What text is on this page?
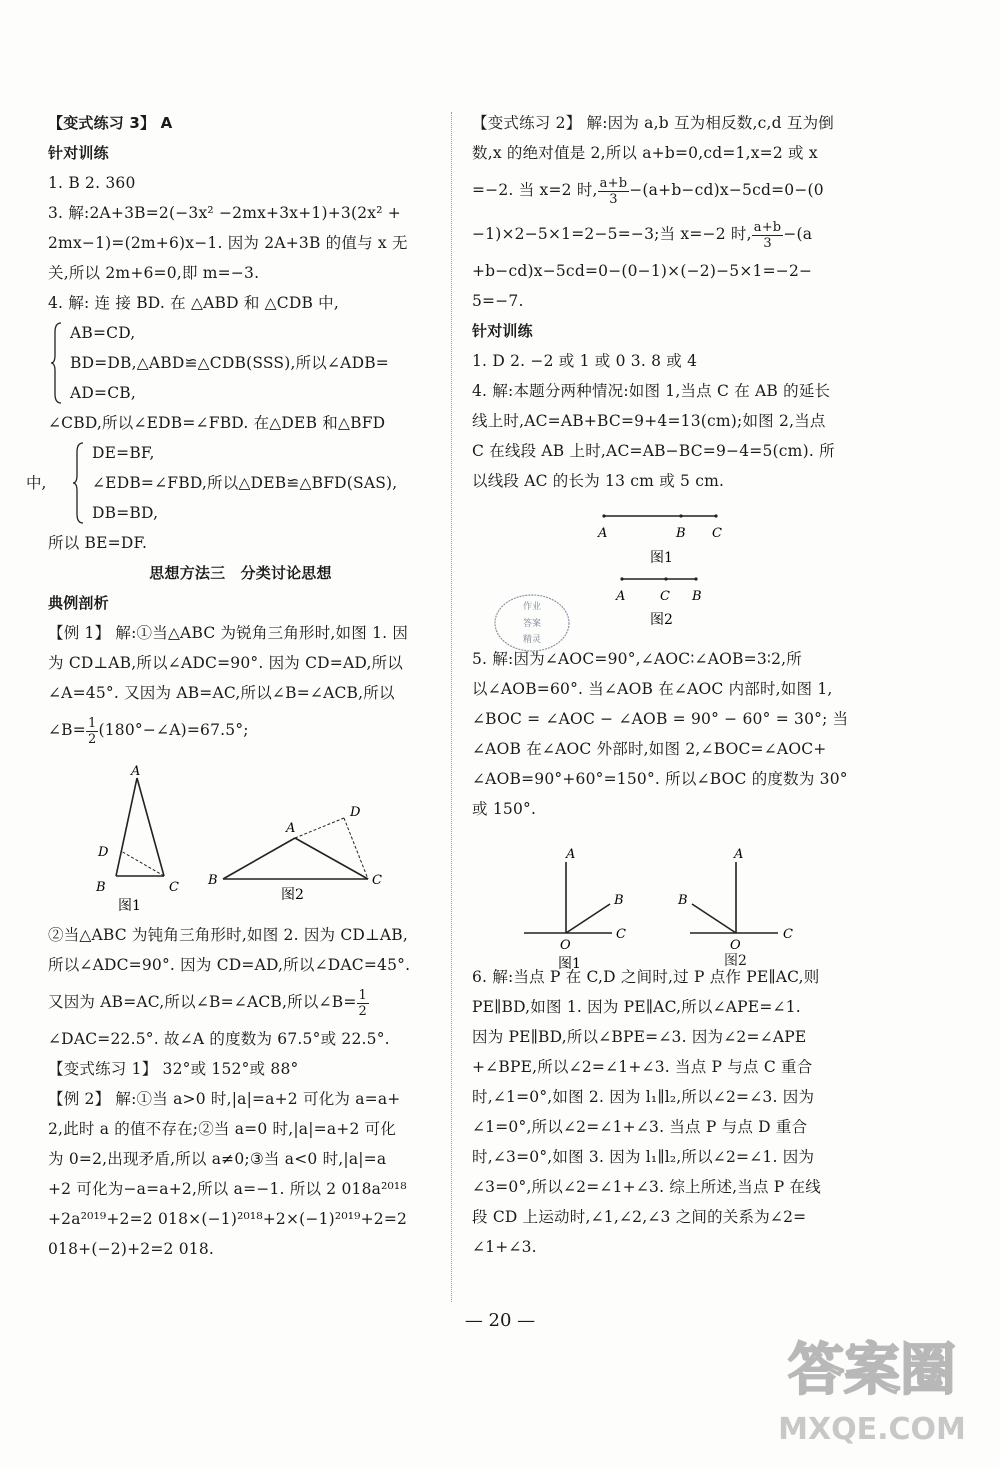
【变式练习 3】 A
针对训练
1. B 2. 360
3. 解:2A+3B=2(−3x² −2mx+3x+1)+3(2x² +
2mx−1)=(2m+6)x−1. 因为 2A+3B 的值与 x 无
关,所以 2m+6=0,即 m=−3.
4. 解: 连 接 BD. 在 △ABD 和 △CDB 中,
AB=CD,
BD=DB,△ABD≌△CDB(SSS),所以∠ADB=
AD=CB,
∠CBD,所以∠EDB=∠FBD. 在△DEB 和△BFD
中,
DE=BF,
∠EDB=∠FBD,所以△DEB≌△BFD(SAS),
DB=BD,
所以 BE=DF.
思想方法三　分类讨论思想
典例剖析
【例 1】 解:①当△ABC 为锐角三角形时,如图 1. 因
为 CD⊥AB,所以∠ADC=90°. 因为 CD=AD,所以
∠A=45°. 又因为 AB=AC,所以∠B=∠ACB,所以
∠B= $\frac{1}{2}$ (180°−∠A)=67.5°;
A
D
B	C
图1
A
D
B	C
图2
②当△ABC 为钝角三角形时,如图 2. 因为 CD⊥AB,
所以∠ADC=90°. 因为 CD=AD,所以∠DAC=45°.
又因为 AB=AC,所以∠B=∠ACB,所以∠B= $\frac{1}{2}$
∠DAC=22.5°. 故∠A 的度数为 67.5°或 22.5°.
【变式练习 1】 32°或 152°或 88°
【例 2】 解:①当 a>0 时,|a|=a+2 可化为 a=a+
2,此时 a 的值不存在;②当 a=0 时,|a|=a+2 可化
为 0=2,出现矛盾,所以 a≠0;③当 a<0 时,|a|=a
+2 可化为−a=a+2,所以 a=−1. 所以 2 018a²⁰¹⁸
+2a²⁰¹⁹+2=2 018×(−1)²⁰¹⁸+2×(−1)²⁰¹⁹+2=2
018+(−2)+2=2 018.
【变式练习 2】 解:因为 a,b 互为相反数,c,d 互为倒
数,x 的绝对值是 2,所以 a+b=0,cd=1,x=2 或 x
=−2. 当 x=2 时, $\frac{a+b}{3} -(a+b-cd)x-5cd=0-(0$
−1)×2−5×1=2−5=−3;当 x=−2 时, $\frac{a+b}{3} -(a$
+b−cd)x−5cd=0−(0−1)×(−2)−5×1=−2−
5=−7.
针对训练
1. D 2. −2 或 1 或 0 3. 8 或 4
4. 解:本题分两种情况:如图 1,当点 C 在 AB 的延长
线上时,AC=AB+BC=9+4=13(cm);如图 2,当点
C 在线段 AB 上时,AC=AB−BC=9−4=5(cm). 所
以线段 AC 的长为 13 cm 或 5 cm.
A	B C
图1
A	C B
图2
5. 解:因为∠AOC=90°,∠AOC∶∠AOB=3∶2,所
以∠AOB=60°. 当∠AOB 在∠AOC 内部时,如图 1,
∠BOC = ∠AOC − ∠AOB = 90° − 60° = 30°; 当
∠AOB 在∠AOC 外部时,如图 2,∠BOC=∠AOC+
∠AOB=90°+60°=150°. 所以∠BOC 的度数为 30°
或 150°.
A
B
C
O
图1
A
B
C
O
图2
6. 解:当点 P 在 C,D 之间时,过 P 点作 PE∥AC,则
PE∥BD,如图 1. 因为 PE∥AC,所以∠APE=∠1.
因为 PE∥BD,所以∠BPE=∠3. 因为∠2=∠APE
+∠BPE,所以∠2=∠1+∠3. 当点 P 与点 C 重合
时,∠1=0°,如图 2. 因为 l₁∥l₂,所以∠2=∠3. 因为
∠1=0°,所以∠2=∠1+∠3. 当点 P 与点 D 重合
时,∠3=0°,如图 3. 因为 l₁∥l₂,所以∠2=∠1. 因为
∠3=0°,所以∠2=∠1+∠3. 综上所述,当点 P 在线
段 CD 上运动时,∠1,∠2,∠3 之间的关系为∠2=
∠1+∠3.
作业
答案
精灵
— 20 —
答案圈
MXQE.COM
